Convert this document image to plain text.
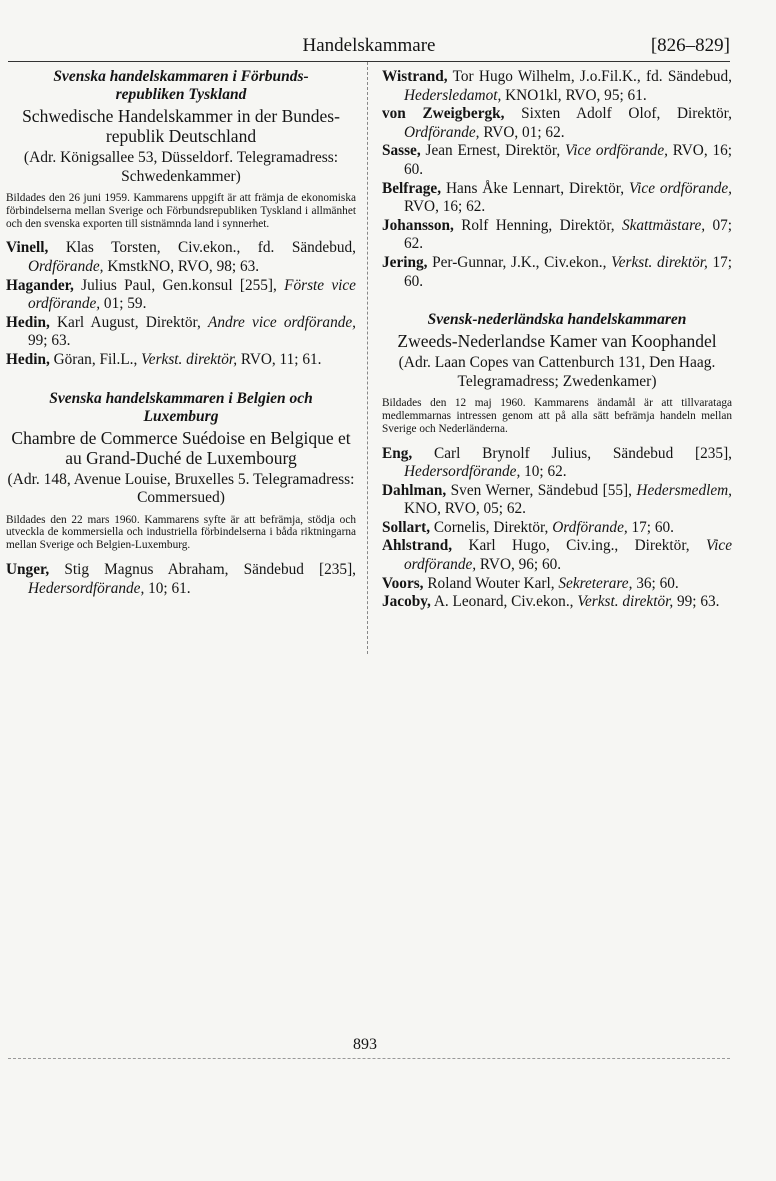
Handelskammare	[826–829]
Svenska handelskammaren i Förbunds-republiken Tyskland
Schwedische Handelskammer in der Bundes-republik Deutschland
(Adr. Königsallee 53, Düsseldorf. Telegramadress: Schwedenkammer)
Bildades den 26 juni 1959. Kammarens uppgift är att främja de ekonomiska förbindelserna mellan Sverige och Förbundsrepubliken Tyskland i allmänhet och den svenska exporten till sistnämnda land i synnerhet.
Vinell, Klas Torsten, Civ.ekon., fd. Sändebud, Ordförande, KmstkNO, RVO, 98; 63.
Hagander, Julius Paul, Gen.konsul [255], Förste vice ordförande, 01; 59.
Hedin, Karl August, Direktör, Andre vice ordförande, 99; 63.
Hedin, Göran, Fil.L., Verkst. direktör, RVO, 11; 61.
Svenska handelskammaren i Belgien och Luxemburg
Chambre de Commerce Suédoise en Belgique et au Grand-Duché de Luxembourg
(Adr. 148, Avenue Louise, Bruxelles 5. Telegramadress: Commersued)
Bildades den 22 mars 1960. Kammarens syfte är att befrämja, stödja och utveckla de kommersiella och industriella förbindelserna i båda riktningarna mellan Sverige och Belgien-Luxemburg.
Unger, Stig Magnus Abraham, Sändebud [235], Hedersordförande, 10; 61.
Wistrand, Tor Hugo Wilhelm, J.o.Fil.K., fd. Sändebud, Hedersledamot, KNO1kl, RVO, 95; 61.
von Zweigbergk, Sixten Adolf Olof, Direktör, Ordförande, RVO, 01; 62.
Sasse, Jean Ernest, Direktör, Vice ordförande, RVO, 16; 60.
Belfrage, Hans Åke Lennart, Direktör, Vice ordförande, RVO, 16; 62.
Johansson, Rolf Henning, Direktör, Skattmästare, 07; 62.
Jering, Per-Gunnar, J.K., Civ.ekon., Verkst. direktör, 17; 60.
Svensk-nederländska handelskammaren
Zweeds-Nederlandse Kamer van Koophandel
(Adr. Laan Copes van Cattenburch 131, Den Haag. Telegramadress; Zwedenkamer)
Bildades den 12 maj 1960. Kammarens ändamål är att tillvarataga medlemmarnas intressen genom att på alla sätt befrämja handeln mellan Sverige och Nederländerna.
Eng, Carl Brynolf Julius, Sändebud [235], Hedersordförande, 10; 62.
Dahlman, Sven Werner, Sändebud [55], Hedersmedlem, KNO, RVO, 05; 62.
Sollart, Cornelis, Direktör, Ordförande, 17; 60.
Ahlstrand, Karl Hugo, Civ.ing., Direktör, Vice ordförande, RVO, 96; 60.
Voors, Roland Wouter Karl, Sekreterare, 36; 60.
Jacoby, A. Leonard, Civ.ekon., Verkst. direktör, 99; 63.
893
